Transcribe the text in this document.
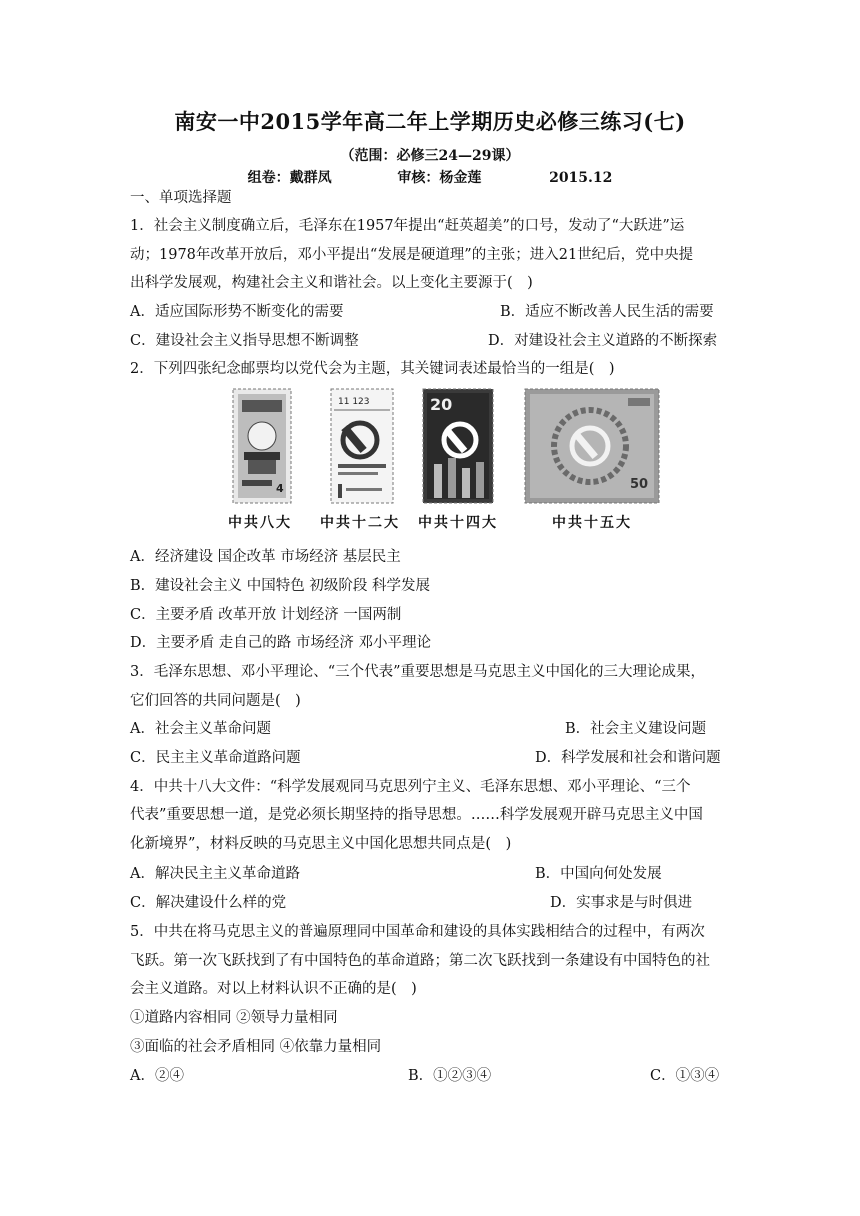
南安一中2015学年高二年上学期历史必修三练习(七)
（范围：必修三24—29课）
组卷：戴群凤	审核：杨金莲	2015.12
一、单项选择题
1．社会主义制度确立后，毛泽东在1957年提出“赶英超美”的口号，发动了“大跃进”运
动；1978年改革开放后，邓小平提出“发展是硬道理”的主张；进入21世纪后，党中央提
出科学发展观，构建社会主义和谐社会。以上变化主要源于(　)
A．适应国际形势不断变化的需要	B．适应不断改善人民生活的需要
C．建设社会主义指导思想不断调整	D．对建设社会主义道路的不断探索
2．下列四张纪念邮票均以党代会为主题，其关键词表述最恰当的一组是(　)
4
11 123	20
50
中共八大 中共十二大 中共十四大	中共十五大
A．经济建设 国企改革 市场经济 基层民主
B．建设社会主义 中国特色 初级阶段 科学发展
C．主要矛盾 改革开放 计划经济 一国两制
D．主要矛盾 走自己的路 市场经济 邓小平理论
3．毛泽东思想、邓小平理论、“三个代表”重要思想是马克思主义中国化的三大理论成果，
它们回答的共同问题是(　)
A．社会主义革命问题	B．社会主义建设问题
C．民主主义革命道路问题	D．科学发展和社会和谐问题
4．中共十八大文件：“科学发展观同马克思列宁主义、毛泽东思想、邓小平理论、“三个
代表”重要思想一道，是党必须长期坚持的指导思想。……科学发展观开辟马克思主义中国
化新境界”，材料反映的马克思主义中国化思想共同点是(　)
A．解决民主主义革命道路	B．中国向何处发展
C．解决建设什么样的党	D．实事求是与时俱进
5．中共在将马克思主义的普遍原理同中国革命和建设的具体实践相结合的过程中，有两次
飞跃。第一次飞跃找到了有中国特色的革命道路；第二次飞跃找到一条建设有中国特色的社
会主义道路。对以上材料认识不正确的是(　)
①道路内容相同 ②领导力量相同
③面临的社会矛盾相同 ④依靠力量相同
A．②④	B．①②③④	C．①③④
